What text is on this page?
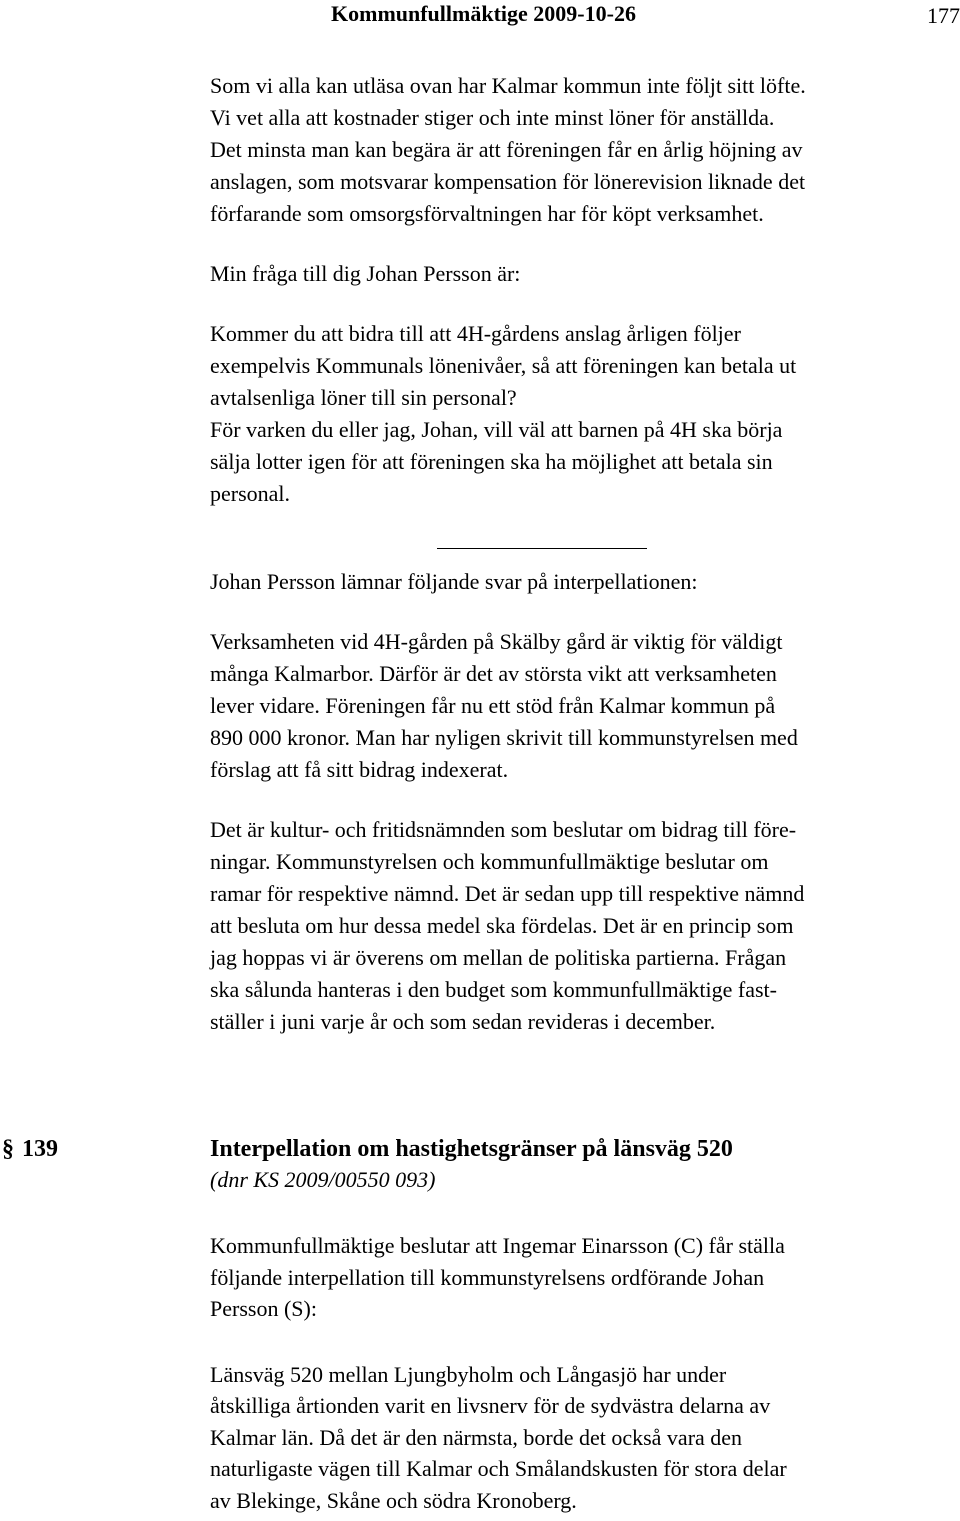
Kommunfullmäktige 2009-10-26	177

Som vi alla kan utläsa ovan har Kalmar kommun inte följt sitt löfte.
Vi vet alla att kostnader stiger och inte minst löner för anställda.
Det minsta man kan begära är att föreningen får en årlig höjning av
anslagen, som motsvarar kompensation för lönerevision liknade det
förfarande som omsorgsförvaltningen har för köpt verksamhet.

Min fråga till dig Johan Persson är:

Kommer du att bidra till att 4H-gårdens anslag årligen följer
exempelvis Kommunals lönenivåer, så att föreningen kan betala ut
avtalsenliga löner till sin personal?
För varken du eller jag, Johan, vill väl att barnen på 4H ska börja
sälja lotter igen för att föreningen ska ha möjlighet att betala sin
personal.

Johan Persson lämnar följande svar på interpellationen:

Verksamheten vid 4H-gården på Skälby gård är viktig för väldigt
många Kalmarbor. Därför är det av största vikt att verksamheten
lever vidare. Föreningen får nu ett stöd från Kalmar kommun på
890 000 kronor. Man har nyligen skrivit till kommunstyrelsen med
förslag att få sitt bidrag indexerat.

Det är kultur- och fritidsnämnden som beslutar om bidrag till före-
ningar. Kommunstyrelsen och kommunfullmäktige beslutar om
ramar för respektive nämnd. Det är sedan upp till respektive nämnd
att besluta om hur dessa medel ska fördelas. Det är en princip som
jag hoppas vi är överens om mellan de politiska partierna. Frågan
ska sålunda hanteras i den budget som kommunfullmäktige fast-
ställer i juni varje år och som sedan revideras i december.

§ 139	Interpellation om hastighetsgränser på länsväg 520
(dnr KS 2009/00550 093)

Kommunfullmäktige beslutar att Ingemar Einarsson (C) får ställa
följande interpellation till kommunstyrelsens ordförande Johan
Persson (S):

Länsväg 520 mellan Ljungbyholm och Långasjö har under
åtskilliga årtionden varit en livsnerv för de sydvästra delarna av
Kalmar län. Då det är den närmsta, borde det också vara den
naturligaste vägen till Kalmar och Smålandskusten för stora delar
av Blekinge, Skåne och södra Kronoberg.
